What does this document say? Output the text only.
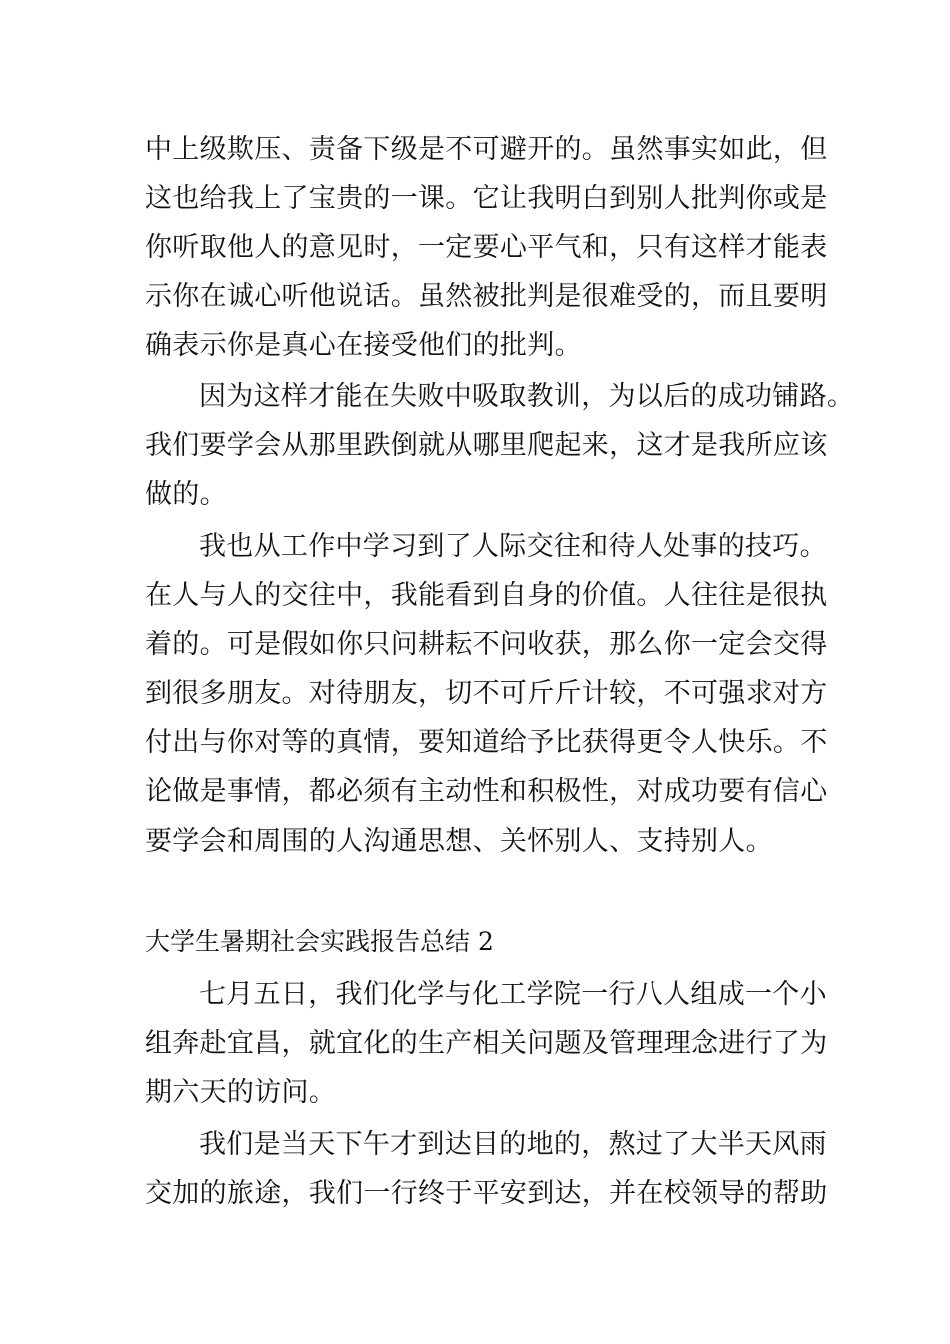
中上级欺压、责备下级是不可避开的。虽然事实如此，但
这也给我上了宝贵的一课。它让我明白到别人批判你或是
你听取他人的意见时，一定要心平气和，只有这样才能表
示你在诚心听他说话。虽然被批判是很难受的，而且要明
确表示你是真心在接受他们的批判。
因为这样才能在失败中吸取教训，为以后的成功铺路。
我们要学会从那里跌倒就从哪里爬起来，这才是我所应该
做的。
我也从工作中学习到了人际交往和待人处事的技巧。
在人与人的交往中，我能看到自身的价值。人往往是很执
着的。可是假如你只问耕耘不问收获，那么你一定会交得
到很多朋友。对待朋友，切不可斤斤计较，不可强求对方
付出与你对等的真情，要知道给予比获得更令人快乐。不
论做是事情，都必须有主动性和积极性，对成功要有信心
要学会和周围的人沟通思想、关怀别人、支持别人。
大学生暑期社会实践报告总结 2
七月五日，我们化学与化工学院一行八人组成一个小
组奔赴宜昌，就宜化的生产相关问题及管理理念进行了为
期六天的访问。
我们是当天下午才到达目的地的，熬过了大半天风雨
交加的旅途，我们一行终于平安到达，并在校领导的帮助
